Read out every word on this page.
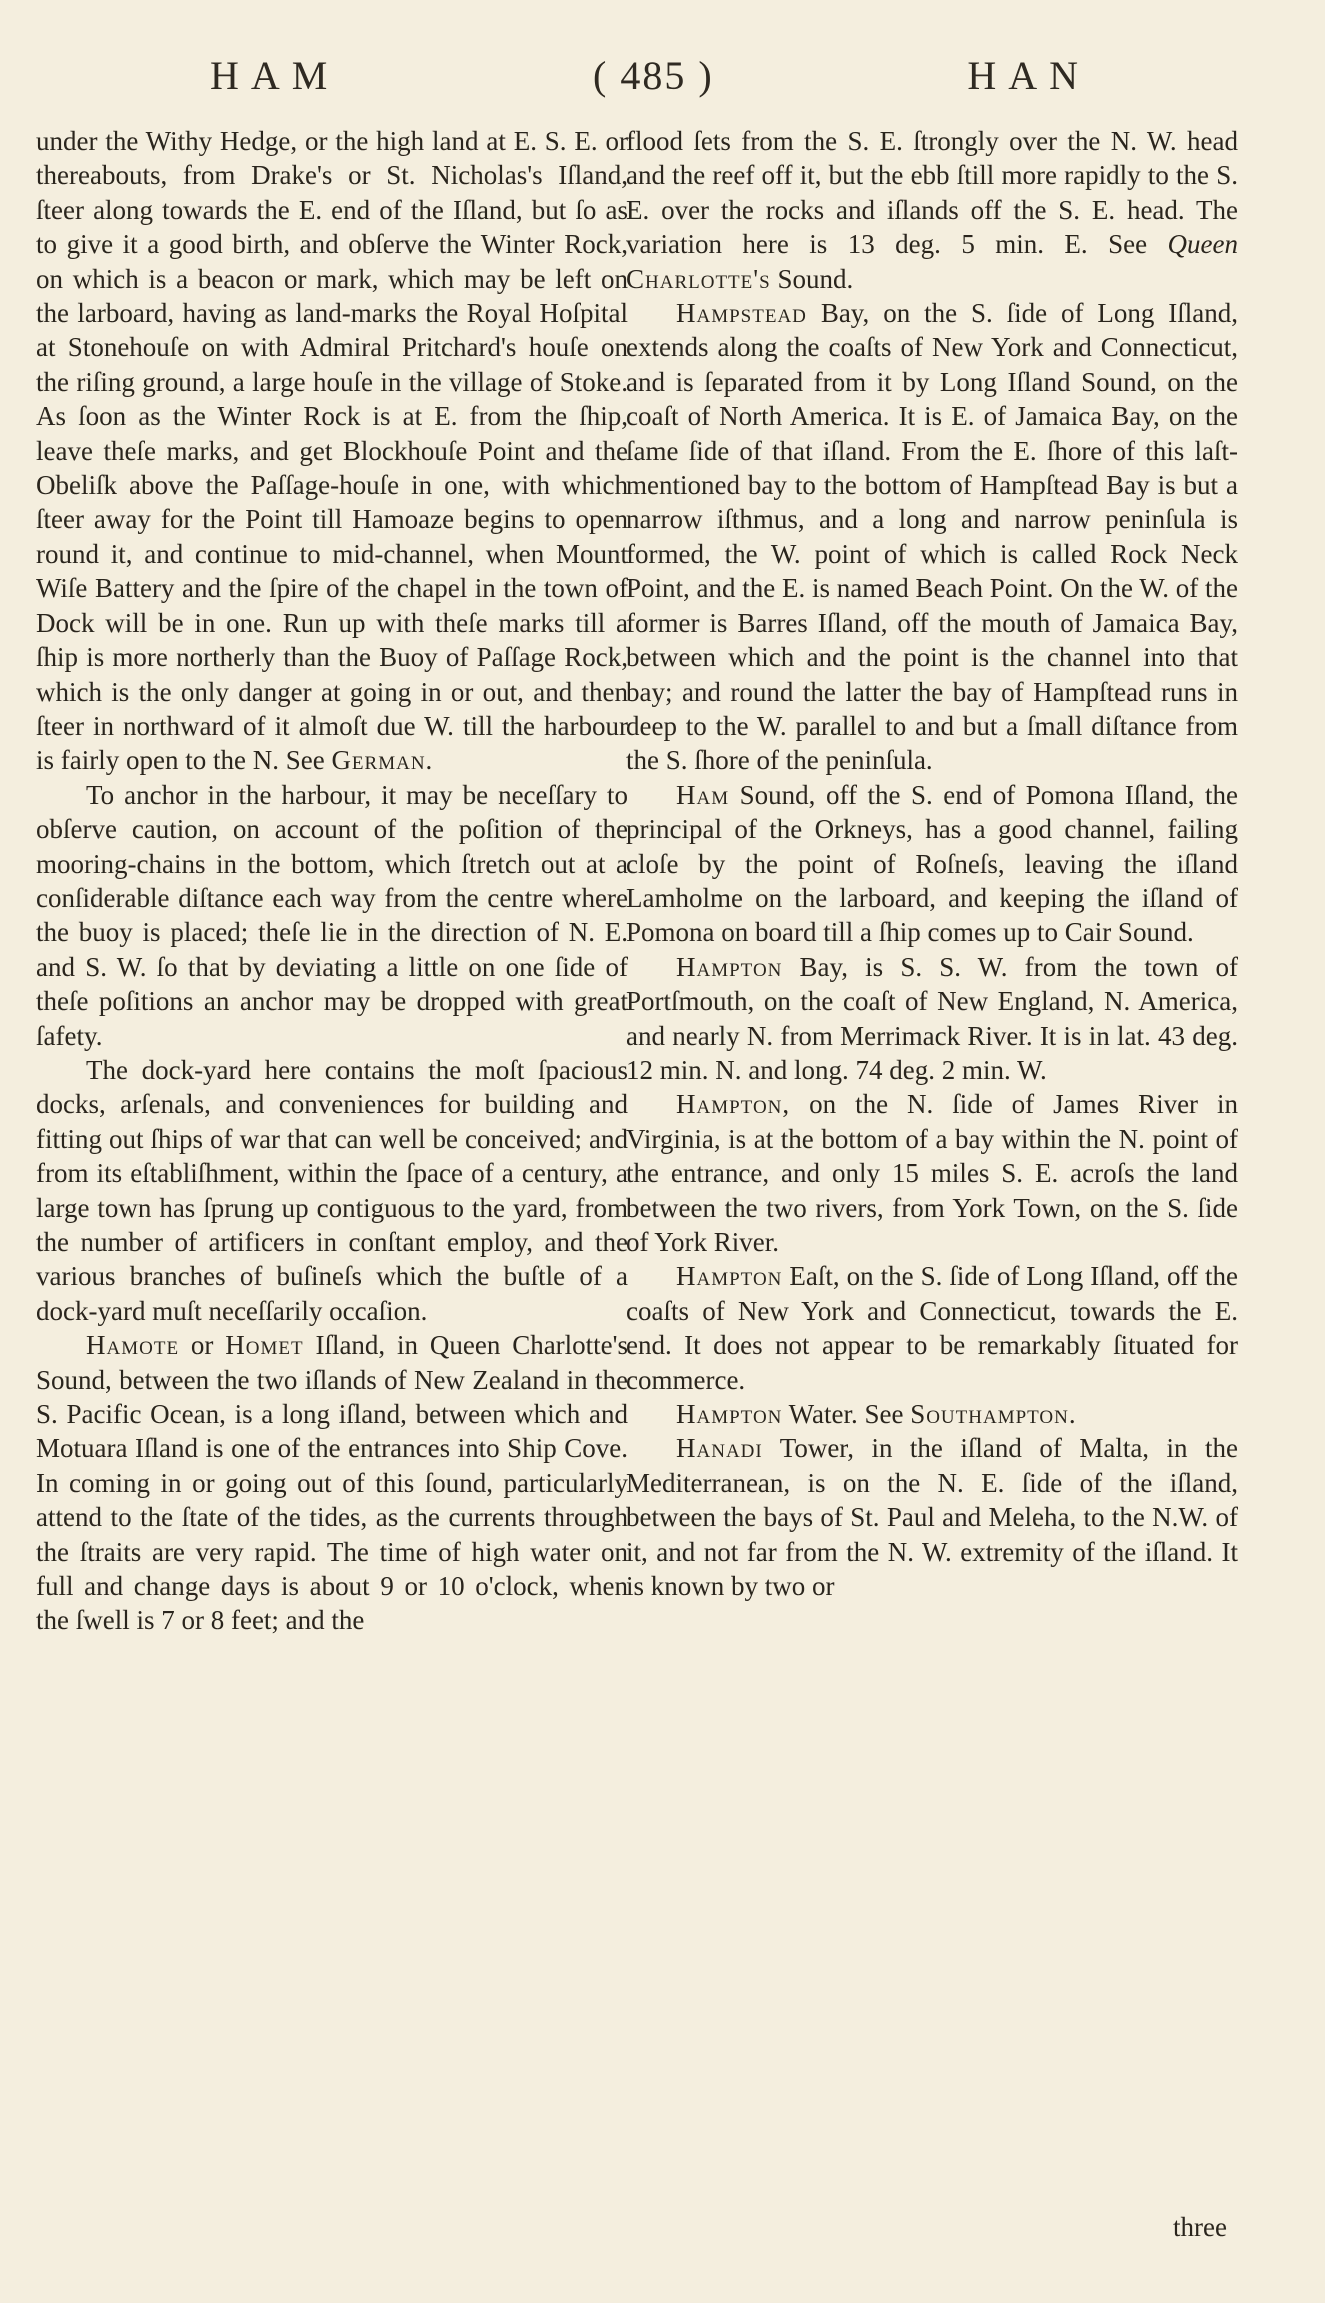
HAM	( 485 )	HAN

under the Withy Hedge, or the high land at E. S. E. or thereabouts, from Drake's or St. Nicholas's Iſland, ſteer along towards the E. end of the Iſland, but ſo as to give it a good birth, and obſerve the Winter Rock, on which is a beacon or mark, which may be left on the larboard, having as land-marks the Royal Hoſpital at Stonehouſe on with Admiral Pritchard's houſe on the riſing ground, a large houſe in the village of Stoke. As ſoon as the Winter Rock is at E. from the ſhip, leave theſe marks, and get Blockhouſe Point and the Obeliſk above the Paſſage-houſe in one, with which ſteer away for the Point till Hamoaze begins to open round it, and continue to mid-channel, when Mount Wiſe Battery and the ſpire of the chapel in the town of Dock will be in one. Run up with theſe marks till a ſhip is more northerly than the Buoy of Paſſage Rock, which is the only danger at going in or out, and then ſteer in northward of it almoſt due W. till the harbour is fairly open to the N. See German.

To anchor in the harbour, it may be neceſſary to obſerve caution, on account of the poſition of the mooring-chains in the bottom, which ſtretch out at a conſiderable diſtance each way from the centre where the buoy is placed; theſe lie in the direction of N. E. and S. W. ſo that by deviating a little on one ſide of theſe poſitions an anchor may be dropped with great ſafety.

The dock-yard here contains the moſt ſpacious docks, arſenals, and conveniences for building and fitting out ſhips of war that can well be conceived; and from its eſtabliſhment, within the ſpace of a century, a large town has ſprung up contiguous to the yard, from the number of artificers in conſtant employ, and the various branches of buſineſs which the buſtle of a dock-yard muſt neceſſarily occaſion.

Hamote or Homet Iſland, in Queen Charlotte's Sound, between the two iſlands of New Zealand in the S. Pacific Ocean, is a long iſland, between which and Motuara Iſland is one of the entrances into Ship Cove. In coming in or going out of this ſound, particularly attend to the ſtate of the tides, as the currents through the ſtraits are very rapid. The time of high water on full and change days is about 9 or 10 o'clock, when the ſwell is 7 or 8 feet; and the

flood ſets from the S. E. ſtrongly over the N. W. head and the reef off it, but the ebb ſtill more rapidly to the S. E. over the rocks and iſlands off the S. E. head. The variation here is 13 deg. 5 min. E. See Queen Charlotte's Sound.

Hampstead Bay, on the S. ſide of Long Iſland, extends along the coaſts of New York and Connecticut, and is ſeparated from it by Long Iſland Sound, on the coaſt of North America. It is E. of Jamaica Bay, on the ſame ſide of that iſland. From the E. ſhore of this laſt-mentioned bay to the bottom of Hampſtead Bay is but a narrow iſthmus, and a long and narrow peninſula is formed, the W. point of which is called Rock Neck Point, and the E. is named Beach Point. On the W. of the former is Barres Iſland, off the mouth of Jamaica Bay, between which and the point is the channel into that bay; and round the latter the bay of Hampſtead runs in deep to the W. parallel to and but a ſmall diſtance from the S. ſhore of the peninſula.

Ham Sound, off the S. end of Pomona Iſland, the principal of the Orkneys, has a good channel, failing cloſe by the point of Roſneſs, leaving the iſland Lamholme on the larboard, and keeping the iſland of Pomona on board till a ſhip comes up to Cair Sound.

Hampton Bay, is S. S. W. from the town of Portſmouth, on the coaſt of New England, N. America, and nearly N. from Merrimack River. It is in lat. 43 deg. 12 min. N. and long. 74 deg. 2 min. W.

Hampton, on the N. ſide of James River in Virginia, is at the bottom of a bay within the N. point of the entrance, and only 15 miles S. E. acroſs the land between the two rivers, from York Town, on the S. ſide of York River.

Hampton Eaſt, on the S. ſide of Long Iſland, off the coaſts of New York and Connecticut, towards the E. end. It does not appear to be remarkably ſituated for commerce.

Hampton Water. See Southampton.

Hanadi Tower, in the iſland of Malta, in the Mediterranean, is on the N. E. ſide of the iſland, between the bays of St. Paul and Meleha, to the N.W. of it, and not far from the N. W. extremity of the iſland. It is known by two or

three
